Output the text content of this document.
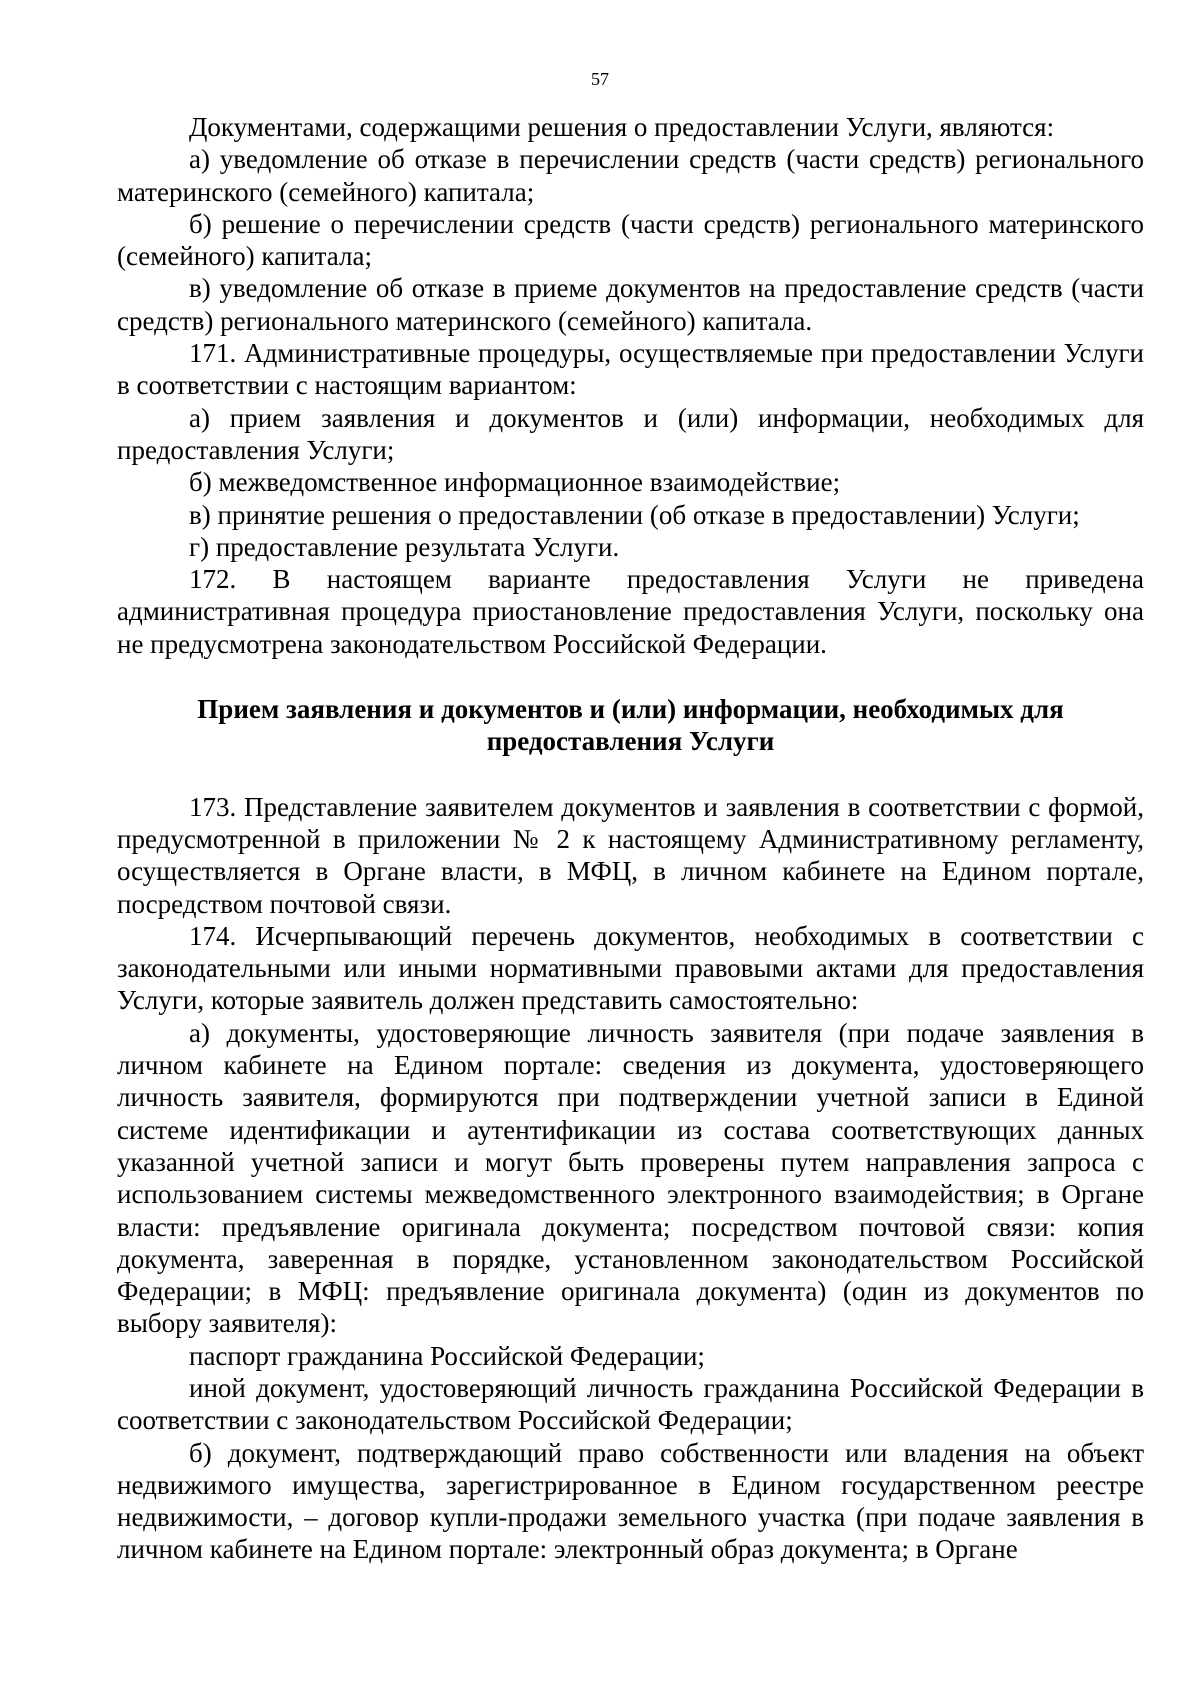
57

Документами, содержащими решения о предоставлении Услуги, являются:

а) уведомление об отказе в перечислении средств (части средств) регионального материнского (семейного) капитала;

б) решение о перечислении средств (части средств) регионального материнского (семейного) капитала;

в) уведомление об отказе в приеме документов на предоставление средств (части средств) регионального материнского (семейного) капитала.

171. Административные процедуры, осуществляемые при предоставлении Услуги в соответствии с настоящим вариантом:

а) прием заявления и документов и (или) информации, необходимых для предоставления Услуги;

б) межведомственное информационное взаимодействие;

в) принятие решения о предоставлении (об отказе в предоставлении) Услуги;

г) предоставление результата Услуги.

172. В настоящем варианте предоставления Услуги не приведена административная процедура приостановление предоставления Услуги, поскольку она не предусмотрена законодательством Российской Федерации.

Прием заявления и документов и (или) информации, необходимых для
предоставления Услуги

173. Представление заявителем документов и заявления в соответствии с формой, предусмотренной в приложении № 2 к настоящему Административному регламенту, осуществляется в Органе власти, в МФЦ, в личном кабинете на Едином портале, посредством почтовой связи.

174. Исчерпывающий перечень документов, необходимых в соответствии с законодательными или иными нормативными правовыми актами для предоставления Услуги, которые заявитель должен представить самостоятельно:

а) документы, удостоверяющие личность заявителя (при подаче заявления в личном кабинете на Едином портале: сведения из документа, удостоверяющего личность заявителя, формируются при подтверждении учетной записи в Единой системе идентификации и аутентификации из состава соответствующих данных указанной учетной записи и могут быть проверены путем направления запроса с использованием системы межведомственного электронного взаимодействия; в Органе власти: предъявление оригинала документа; посредством почтовой связи: копия документа, заверенная в порядке, установленном законодательством Российской Федерации; в МФЦ: предъявление оригинала документа) (один из документов по выбору заявителя):

паспорт гражданина Российской Федерации;

иной документ, удостоверяющий личность гражданина Российской Федерации в соответствии с законодательством Российской Федерации;

б) документ, подтверждающий право собственности или владения на объект недвижимого имущества, зарегистрированное в Едином государственном реестре недвижимости, – договор купли-продажи земельного участка (при подаче заявления в личном кабинете на Едином портале: электронный образ документа; в Органе
